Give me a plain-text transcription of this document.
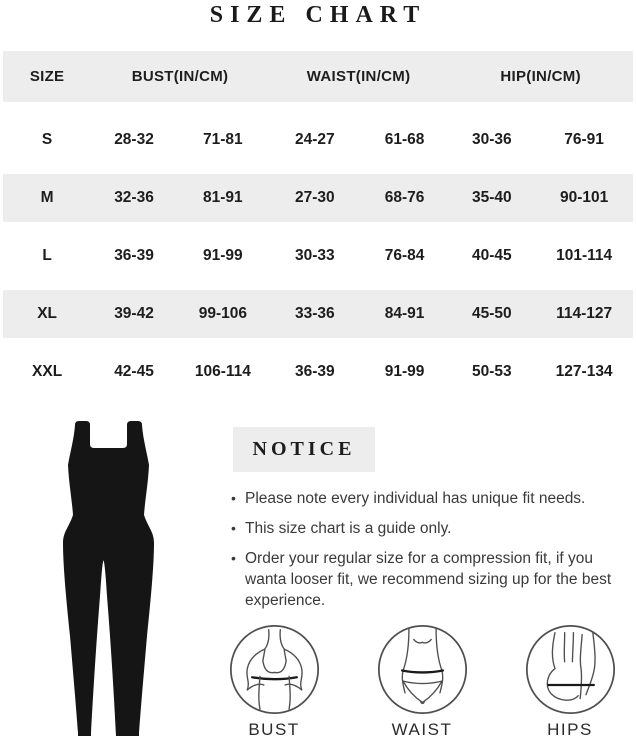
SIZE CHART
SIZE	BUST(IN/CM)	WAIST(IN/CM)	HIP(IN/CM)
S	28-32	71-81	24-27	61-68	30-36	76-91
M	32-36	81-91	27-30	68-76	35-40	90-101
L	36-39	91-99	30-33	76-84	40-45	101-114
XL	39-42	99-106	33-36	84-91	45-50	114-127
XXL	42-45	106-114	36-39	91-99	50-53	127-134
NOTICE
• Please note every individual has unique fit needs.
• This size chart is a guide only.
• Order your regular size for a compression fit, if you wanta looser fit, we recommend sizing up for the best experience.
BUST	WAIST	HIPS
